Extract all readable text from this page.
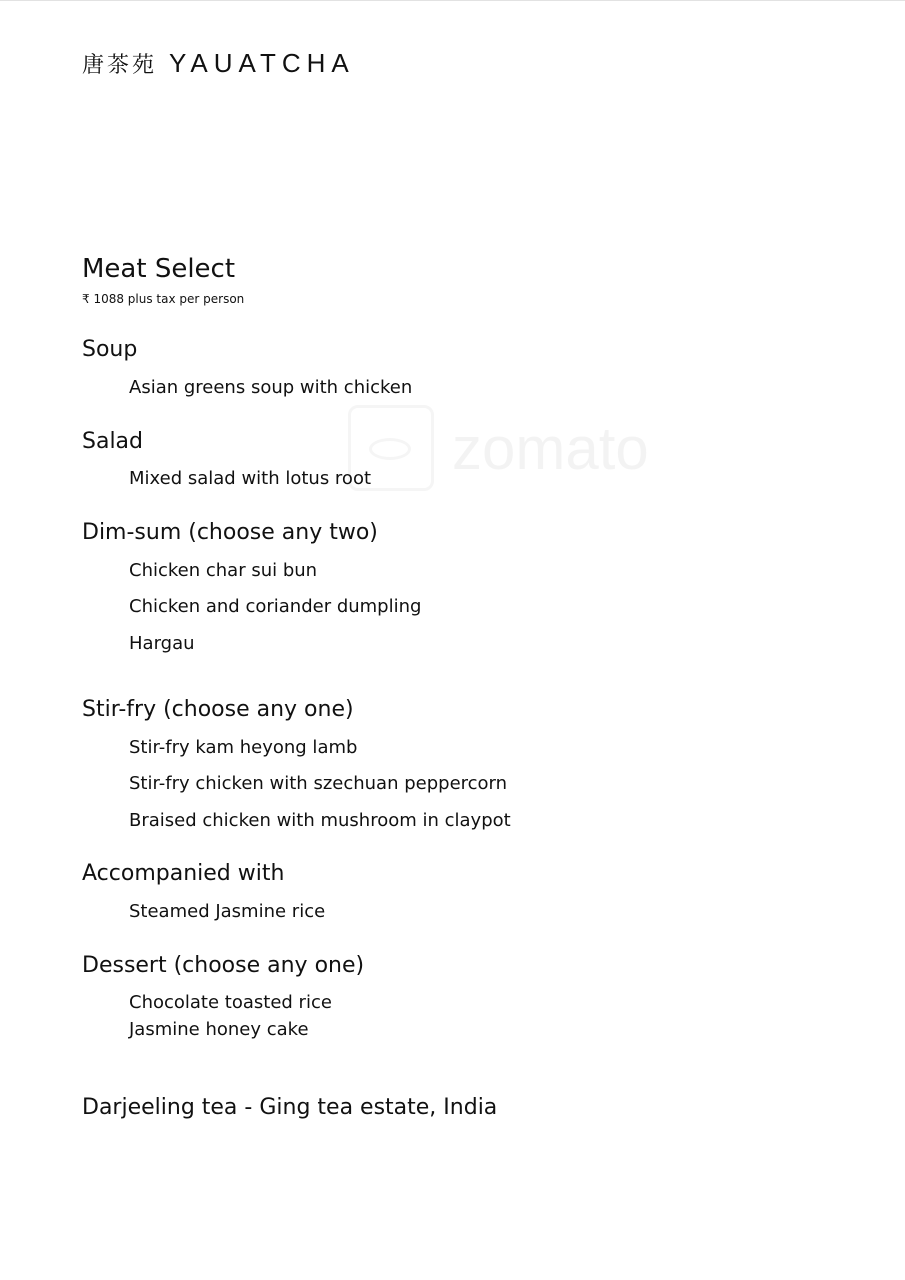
唐茶苑 YAUATCHA
zomato
Meat Select
₹ 1088 plus tax per person
Soup
Asian greens soup with chicken
Salad
Mixed salad with lotus root
Dim-sum (choose any two)
Chicken char sui bun
Chicken and coriander dumpling
Hargau
Stir-fry (choose any one)
Stir-fry kam heyong lamb
Stir-fry chicken with szechuan peppercorn
Braised chicken with mushroom in claypot
Accompanied with
Steamed Jasmine rice
Dessert (choose any one)
Chocolate toasted rice
Jasmine honey cake
Darjeeling tea - Ging tea estate, India
